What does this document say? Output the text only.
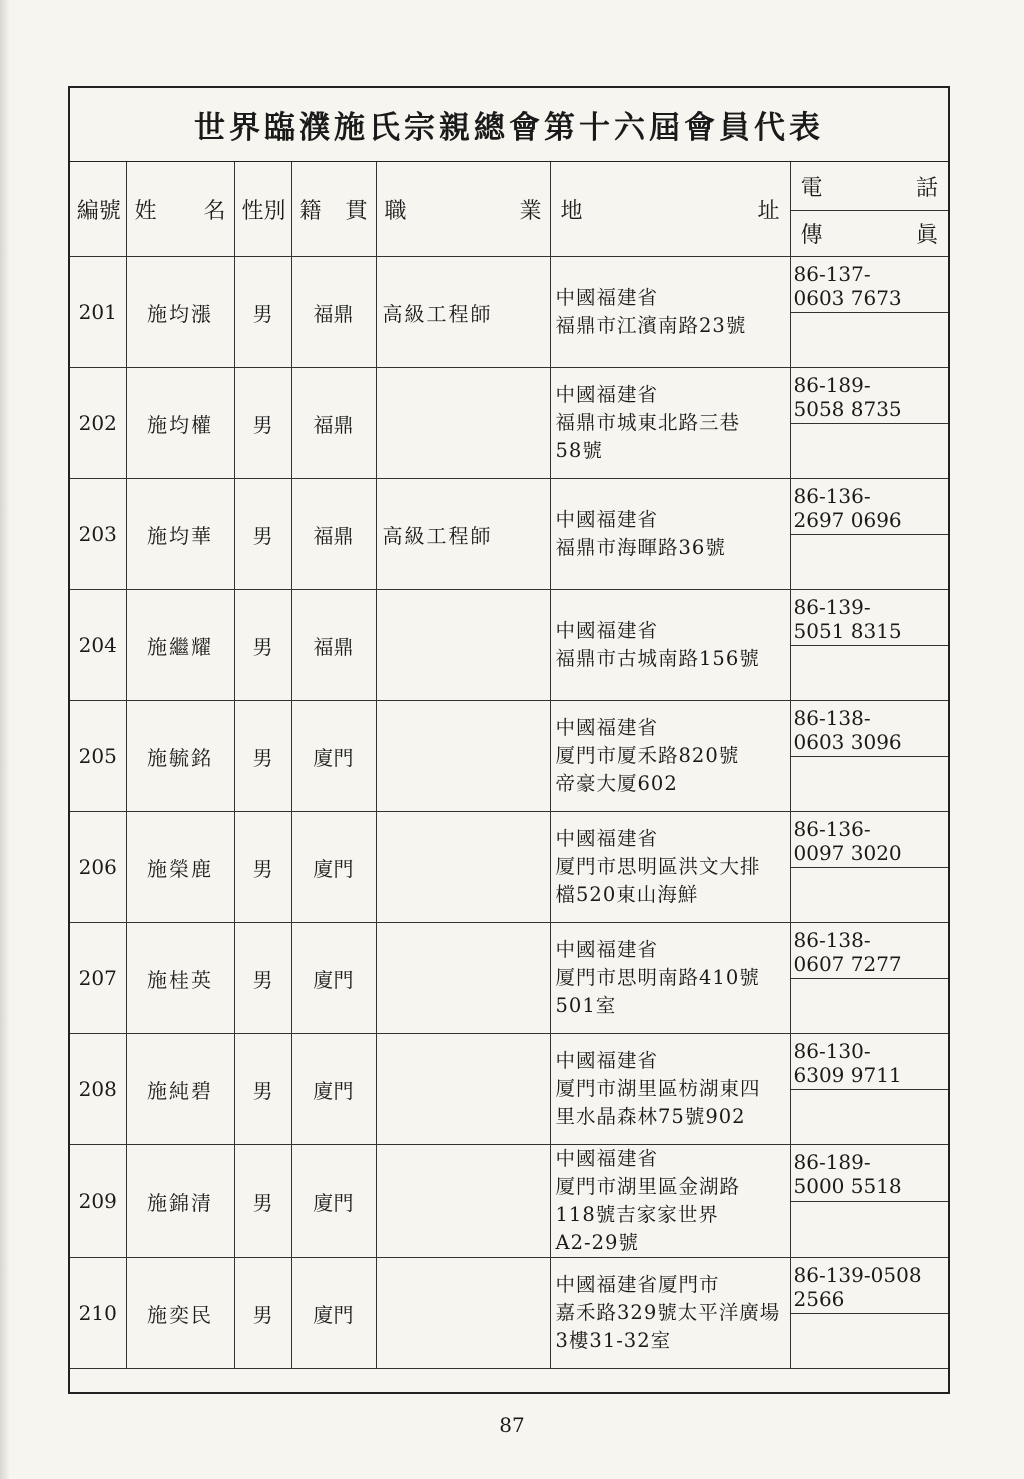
世界臨濮施氏宗親總會第十六屆會員代表
編號	姓 名	性別	籍 貫	職 業	地 址	電 話

						傳 眞

201	施均漲	男	福鼎	高級工程師	中國福建省
福鼎市江濱南路23號	86-137-
0603 7673

202	施均權	男	福鼎		中國福建省
福鼎市城東北路三巷
58號	86-189-
5058 8735

203	施均華	男	福鼎	高級工程師	中國福建省
福鼎市海暉路36號	86-136-
2697 0696

204	施繼耀	男	福鼎		中國福建省
福鼎市古城南路156號	86-139-
5051 8315

205	施毓銘	男	廈門		中國福建省
厦門市厦禾路820號
帝豪大厦602	86-138-
0603 3096

206	施榮鹿	男	廈門		中國福建省
厦門市思明區洪文大排
檔520東山海鮮	86-136-
0097 3020

207	施桂英	男	廈門		中國福建省
厦門市思明南路410號
501室	86-138-
0607 7277

208	施純碧	男	廈門		中國福建省
厦門市湖里區枋湖東四
里水晶森林75號902	86-130-
6309 9711

209	施錦清	男	廈門		中國福建省
厦門市湖里區金湖路
118號吉家家世界
A2-29號	86-189-
5000 5518

210	施奕民	男	廈門		中國福建省厦門市
嘉禾路329號太平洋廣場
3樓31-32室	86-139-0508
2566

87
